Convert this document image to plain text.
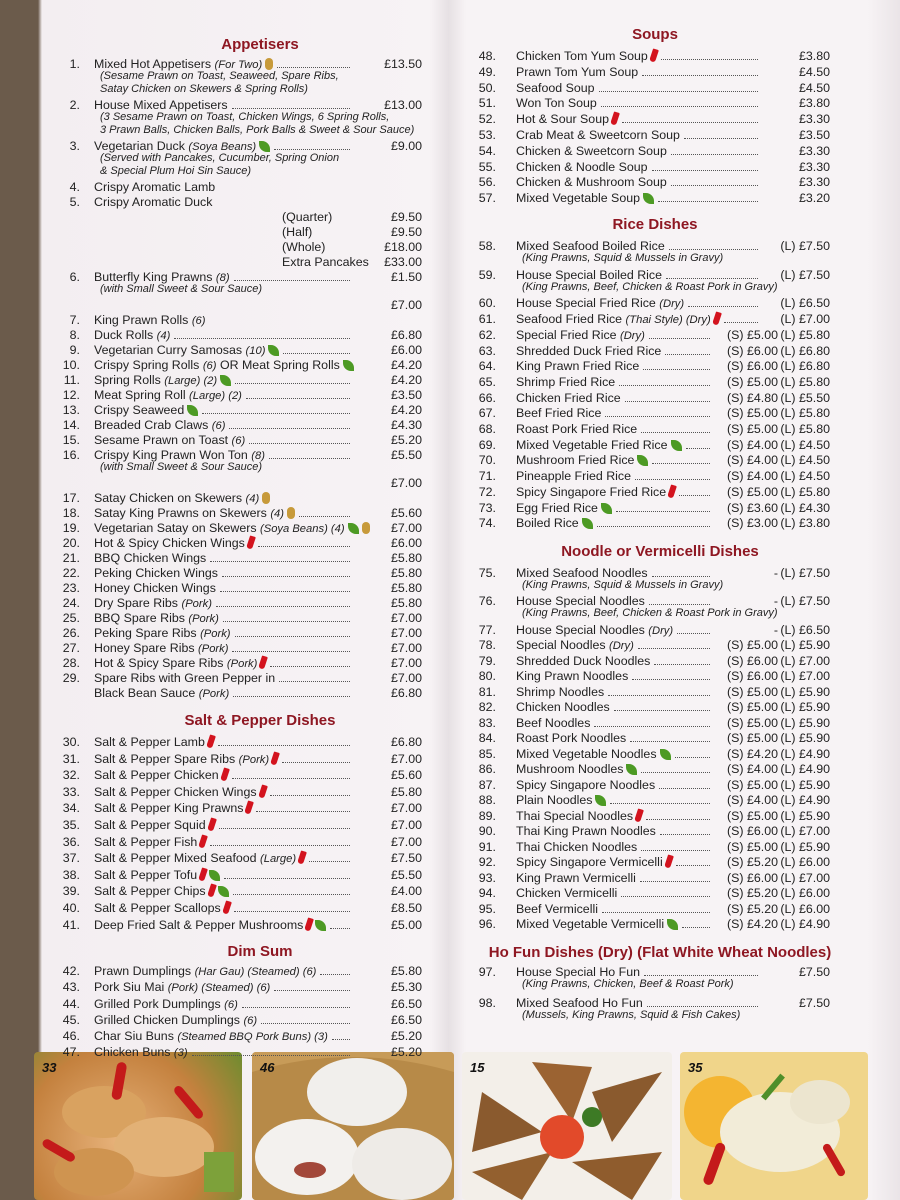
33	46	15	35
Appetisers
1. Mixed Hot Appetisers (For Two)	£13.50
(Sesame Prawn on Toast, Seaweed, Spare Ribs,
Satay Chicken on Skewers & Spring Rolls)
2. House Mixed Appetisers	£13.00
(3 Sesame Prawn on Toast, Chicken Wings, 6 Spring Rolls,
3 Prawn Balls, Chicken Balls, Pork Balls & Sweet & Sour Sauce)
3. Vegetarian Duck (Soya Beans)	£9.00
(Served with Pancakes, Cucumber, Spring Onion
& Special Plum Hoi Sin Sauce)
4. Crispy Aromatic Lamb
5. Crispy Aromatic Duck
(Quarter)	£9.50
(Half)	£9.50
(Whole)	£18.00
Extra Pancakes	£33.00
6. Butterfly King Prawns (8)	£1.50
(with Small Sweet & Sour Sauce)
£7.00
7. King Prawn Rolls (6)
8. Duck Rolls (4)	£6.80
9. Vegetarian Curry Samosas (10)	£6.00
10. Crispy Spring Rolls (6) OR Meat Spring Rolls	£4.20
11. Spring Rolls (Large) (2)	£4.20
12. Meat Spring Roll (Large) (2)	£3.50
13. Crispy Seaweed	£4.20
14. Breaded Crab Claws (6)	£4.30
15. Sesame Prawn on Toast (6)	£5.20
16. Crispy King Prawn Won Ton (8)	£5.50
(with Small Sweet & Sour Sauce)
£7.00
17. Satay Chicken on Skewers (4)
18. Satay King Prawns on Skewers (4)	£5.60
19. Vegetarian Satay on Skewers (Soya Beans) (4)	£7.00
20. Hot & Spicy Chicken Wings	£6.00
21. BBQ Chicken Wings	£5.80
22. Peking Chicken Wings	£5.80
23. Honey Chicken Wings	£5.80
24. Dry Spare Ribs (Pork)	£5.80
25. BBQ Spare Ribs (Pork)	£7.00
26. Peking Spare Ribs (Pork)	£7.00
27. Honey Spare Ribs (Pork)	£7.00
28. Hot & Spicy Spare Ribs (Pork)	£7.00
29. Spare Ribs with Green Pepper in	£7.00
Black Bean Sauce (Pork)	£6.80
Salt & Pepper Dishes
30. Salt & Pepper Lamb	£6.80
31. Salt & Pepper Spare Ribs (Pork)	£7.00
32. Salt & Pepper Chicken	£5.60
33. Salt & Pepper Chicken Wings	£5.80
34. Salt & Pepper King Prawns	£7.00
35. Salt & Pepper Squid	£7.00
36. Salt & Pepper Fish	£7.00
37. Salt & Pepper Mixed Seafood (Large)	£7.50
38. Salt & Pepper Tofu	£5.50
39. Salt & Pepper Chips	£4.00
40. Salt & Pepper Scallops	£8.50
41. Deep Fried Salt & Pepper Mushrooms	£5.00
Dim Sum
42. Prawn Dumplings (Har Gau) (Steamed) (6)	£5.80
43. Pork Siu Mai (Pork) (Steamed) (6)	£5.30
44. Grilled Pork Dumplings (6)	£6.50
45. Grilled Chicken Dumplings (6)	£6.50
46. Char Siu Buns (Steamed BBQ Pork Buns) (3)	£5.20
47. Chicken Buns (3)	£5.20
Soups
48. Chicken Tom Yum Soup	£3.80
49. Prawn Tom Yum Soup	£4.50
50. Seafood Soup	£4.50
51. Won Ton Soup	£3.80
52. Hot & Sour Soup	£3.30
53. Crab Meat & Sweetcorn Soup	£3.50
54. Chicken & Sweetcorn Soup	£3.30
55. Chicken & Noodle Soup	£3.30
56. Chicken & Mushroom Soup	£3.30
57. Mixed Vegetable Soup	£3.20
Rice Dishes
58. Mixed Seafood Boiled Rice	(L) £7.50
(King Prawns, Squid & Mussels in Gravy)
59. House Special Boiled Rice	(L) £7.50
(King Prawns, Beef, Chicken & Roast Pork in Gravy)
60. House Special Fried Rice (Dry)	(L) £6.50
61. Seafood Fried Rice (Thai Style) (Dry)	(L) £7.00
62. Special Fried Rice (Dry)	(S) £5.00 (L) £5.80
63. Shredded Duck Fried Rice	(S) £6.00 (L) £6.80
64. King Prawn Fried Rice	(S) £6.00 (L) £6.80
65. Shrimp Fried Rice	(S) £5.00 (L) £5.80
66. Chicken Fried Rice	(S) £4.80 (L) £5.50
67. Beef Fried Rice	(S) £5.00 (L) £5.80
68. Roast Pork Fried Rice	(S) £5.00 (L) £5.80
69. Mixed Vegetable Fried Rice	(S) £4.00 (L) £4.50
70. Mushroom Fried Rice	(S) £4.00 (L) £4.50
71. Pineapple Fried Rice	(S) £4.00 (L) £4.50
72. Spicy Singapore Fried Rice	(S) £5.00 (L) £5.80
73. Egg Fried Rice	(S) £3.60 (L) £4.30
74. Boiled Rice	(S) £3.00 (L) £3.80
Noodle or Vermicelli Dishes
75. Mixed Seafood Noodles	- (L) £7.50
(King Prawns, Squid & Mussels in Gravy)
76. House Special Noodles	- (L) £7.50
(King Prawns, Beef, Chicken & Roast Pork in Gravy)
77. House Special Noodles (Dry)	- (L) £6.50
78. Special Noodles (Dry)	(S) £5.00 (L) £5.90
79. Shredded Duck Noodles	(S) £6.00 (L) £7.00
80. King Prawn Noodles	(S) £6.00 (L) £7.00
81. Shrimp Noodles	(S) £5.00 (L) £5.90
82. Chicken Noodles	(S) £5.00 (L) £5.90
83. Beef Noodles	(S) £5.00 (L) £5.90
84. Roast Pork Noodles	(S) £5.00 (L) £5.90
85. Mixed Vegetable Noodles	(S) £4.20 (L) £4.90
86. Mushroom Noodles	(S) £4.00 (L) £4.90
87. Spicy Singapore Noodles	(S) £5.00 (L) £5.90
88. Plain Noodles	(S) £4.00 (L) £4.90
89. Thai Special Noodles	(S) £5.00 (L) £5.90
90. Thai King Prawn Noodles	(S) £6.00 (L) £7.00
91. Thai Chicken Noodles	(S) £5.00 (L) £5.90
92. Spicy Singapore Vermicelli	(S) £5.20 (L) £6.00
93. King Prawn Vermicelli	(S) £6.00 (L) £7.00
94. Chicken Vermicelli	(S) £5.20 (L) £6.00
95. Beef Vermicelli	(S) £5.20 (L) £6.00
96. Mixed Vegetable Vermicelli	(S) £4.20 (L) £4.90
Ho Fun Dishes (Dry) (Flat White Wheat Noodles)
97. House Special Ho Fun	£7.50
(King Prawns, Chicken, Beef & Roast Pork)
98. Mixed Seafood Ho Fun	£7.50
(Mussels, King Prawns, Squid & Fish Cakes)
